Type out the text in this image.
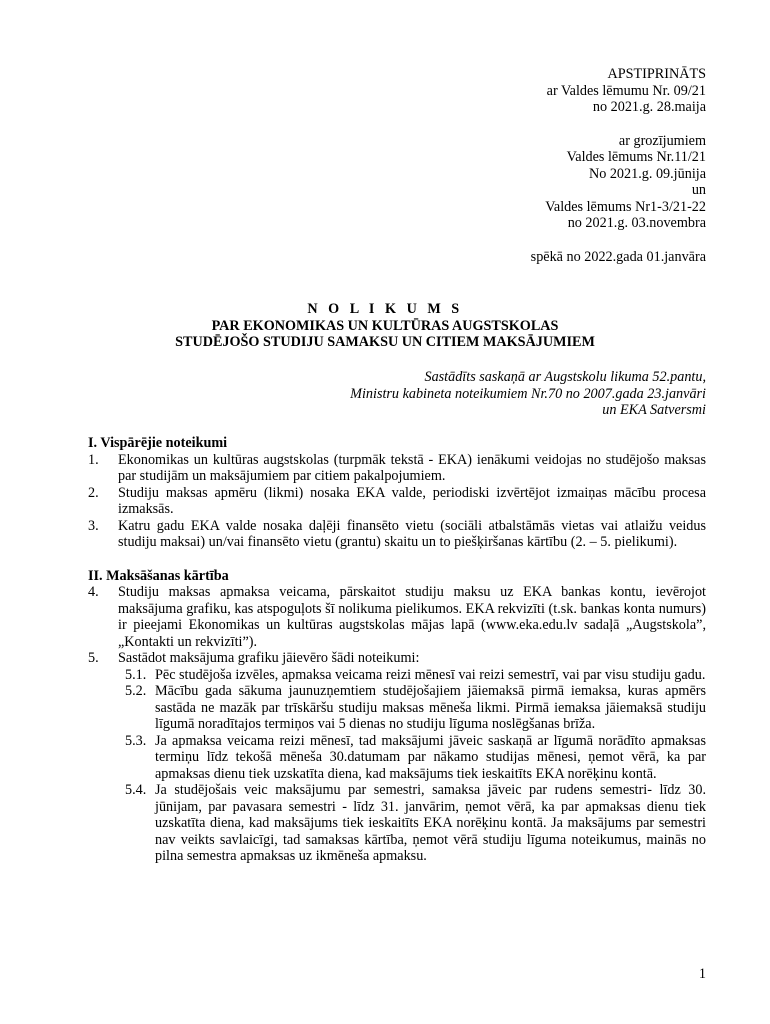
APSTIPRINĀTS
ar Valdes lēmumu Nr. 09/21
no 2021.g. 28.maija
ar grozījumiem
Valdes lēmums Nr.11/21
No 2021.g. 09.jūnija
un
Valdes lēmums Nr1-3/21-22
no 2021.g. 03.novembra
spēkā no 2022.gada 01.janvāra
N O L I K U M S
PAR EKONOMIKAS UN KULTŪRAS AUGSTSKOLAS
STUDĒJOŠO STUDIJU SAMAKSU UN CITIEM MAKSĀJUMIEM
Sastādīts saskaņā ar Augstskolu likuma 52.pantu,
Ministru kabineta noteikumiem Nr.70 no 2007.gada 23.janvāri
un EKA Satversmi
I. Vispārējie noteikumi
1.	Ekonomikas un kultūras augstskolas (turpmāk tekstā - EKA) ienākumi veidojas no studējošo maksas par studijām un maksājumiem par citiem pakalpojumiem.
2.	Studiju maksas apmēru (likmi) nosaka EKA valde, periodiski izvērtējot izmaiņas mācību procesa izmaksās.
3.	Katru gadu EKA valde nosaka daļēji finansēto vietu (sociāli atbalstāmās vietas vai atlaižu veidus studiju maksai) un/vai finansēto vietu (grantu) skaitu un to piešķiršanas kārtību (2. – 5. pielikumi).
II. Maksāšanas kārtība
4.	Studiju maksas apmaksa veicama, pārskaitot studiju maksu uz EKA bankas kontu, ievērojot maksājuma grafiku, kas atspoguļots šī nolikuma pielikumos. EKA rekvizīti (t.sk. bankas konta numurs) ir pieejami Ekonomikas un kultūras augstskolas mājas lapā (www.eka.edu.lv sadaļā „Augstskola”, „Kontakti un rekvizīti”).
5.	Sastādot maksājuma grafiku jāievēro šādi noteikumi:
5.1. Pēc studējoša izvēles, apmaksa veicama reizi mēnesī vai reizi semestrī, vai par visu studiju gadu.
5.2. Mācību gada sākuma jaunuzņemtiem studējošajiem jāiemaksā pirmā iemaksa, kuras apmērs sastāda ne mazāk par trīskāršu studiju maksas mēneša likmi. Pirmā iemaksa jāiemaksā studiju līgumā noradītajos termiņos vai 5 dienas no studiju līguma noslēgšanas brīža.
5.3. Ja apmaksa veicama reizi mēnesī, tad maksājumi jāveic saskaņā ar līgumā norādīto apmaksas termiņu līdz tekošā mēneša 30.datumam par nākamo studijas mēnesi, ņemot vērā, ka par apmaksas dienu tiek uzskatīta diena, kad maksājums tiek ieskaitīts EKA norēķinu kontā.
5.4. Ja studējošais veic maksājumu par semestri, samaksa jāveic par rudens semestri- līdz 30. jūnijam, par pavasara semestri - līdz 31. janvārim, ņemot vērā, ka par apmaksas dienu tiek uzskatīta diena, kad maksājums tiek ieskaitīts EKA norēķinu kontā. Ja maksājums par semestri nav veikts savlaicīgi, tad samaksas kārtība, ņemot vērā studiju līguma noteikumus, mainās no pilna semestra apmaksas uz ikmēneša apmaksu.
1
